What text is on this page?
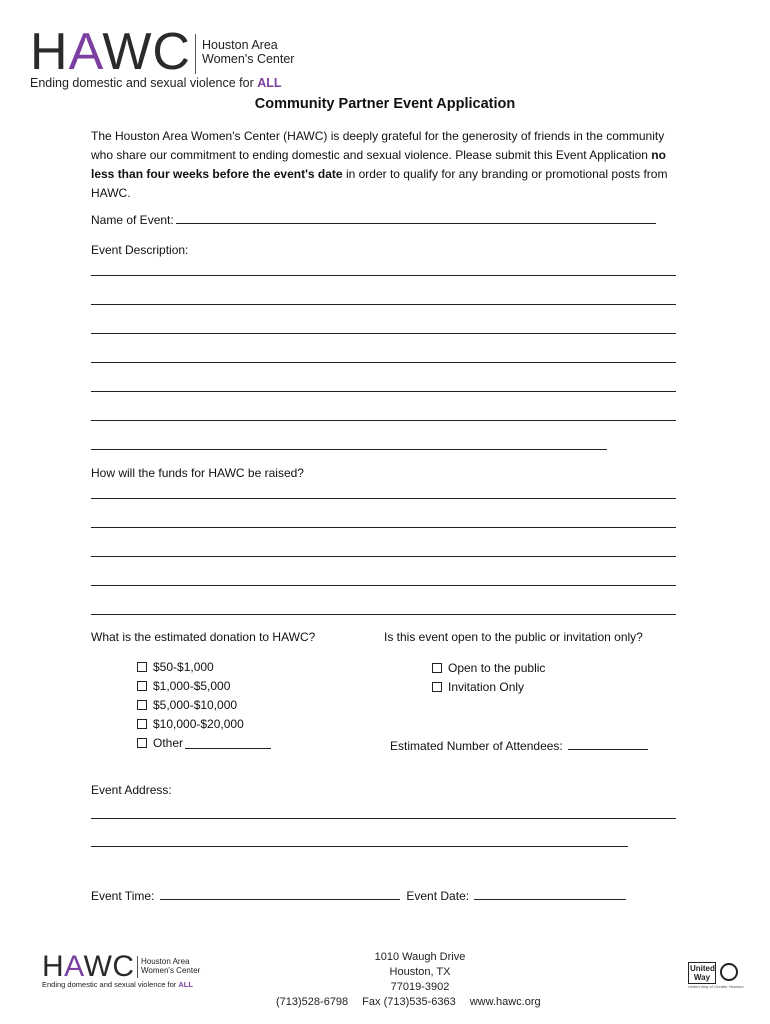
HAWC Houston Area
Women's Center
Ending domestic and sexual violence for ALL
Community Partner Event Application
The Houston Area Women's Center (HAWC) is deeply grateful for the generosity of friends in the community who share our commitment to ending domestic and sexual violence. Please submit this Event Application no less than four weeks before the event's date in order to qualify for any branding or promotional posts from HAWC.
Name of Event:
Event Description:
How will the funds for HAWC be raised?
What is the estimated donation to HAWC?	Is this event open to the public or invitation only?
$50-$1,000
$1,000-$5,000
$5,000-$10,000
$10,000-$20,000
Other
Open to the public
Invitation Only
Estimated Number of Attendees:
Event Address:
Event Time:	Event Date:
HAWC Houston Area
Women's Center
Ending domestic and sexual violence for ALL
1010 Waugh Drive
Houston, TX
77019-3902
(713)528-6798 Fax (713)535-6363 www.hawc.org
United Way
United Way of Greater Houston
